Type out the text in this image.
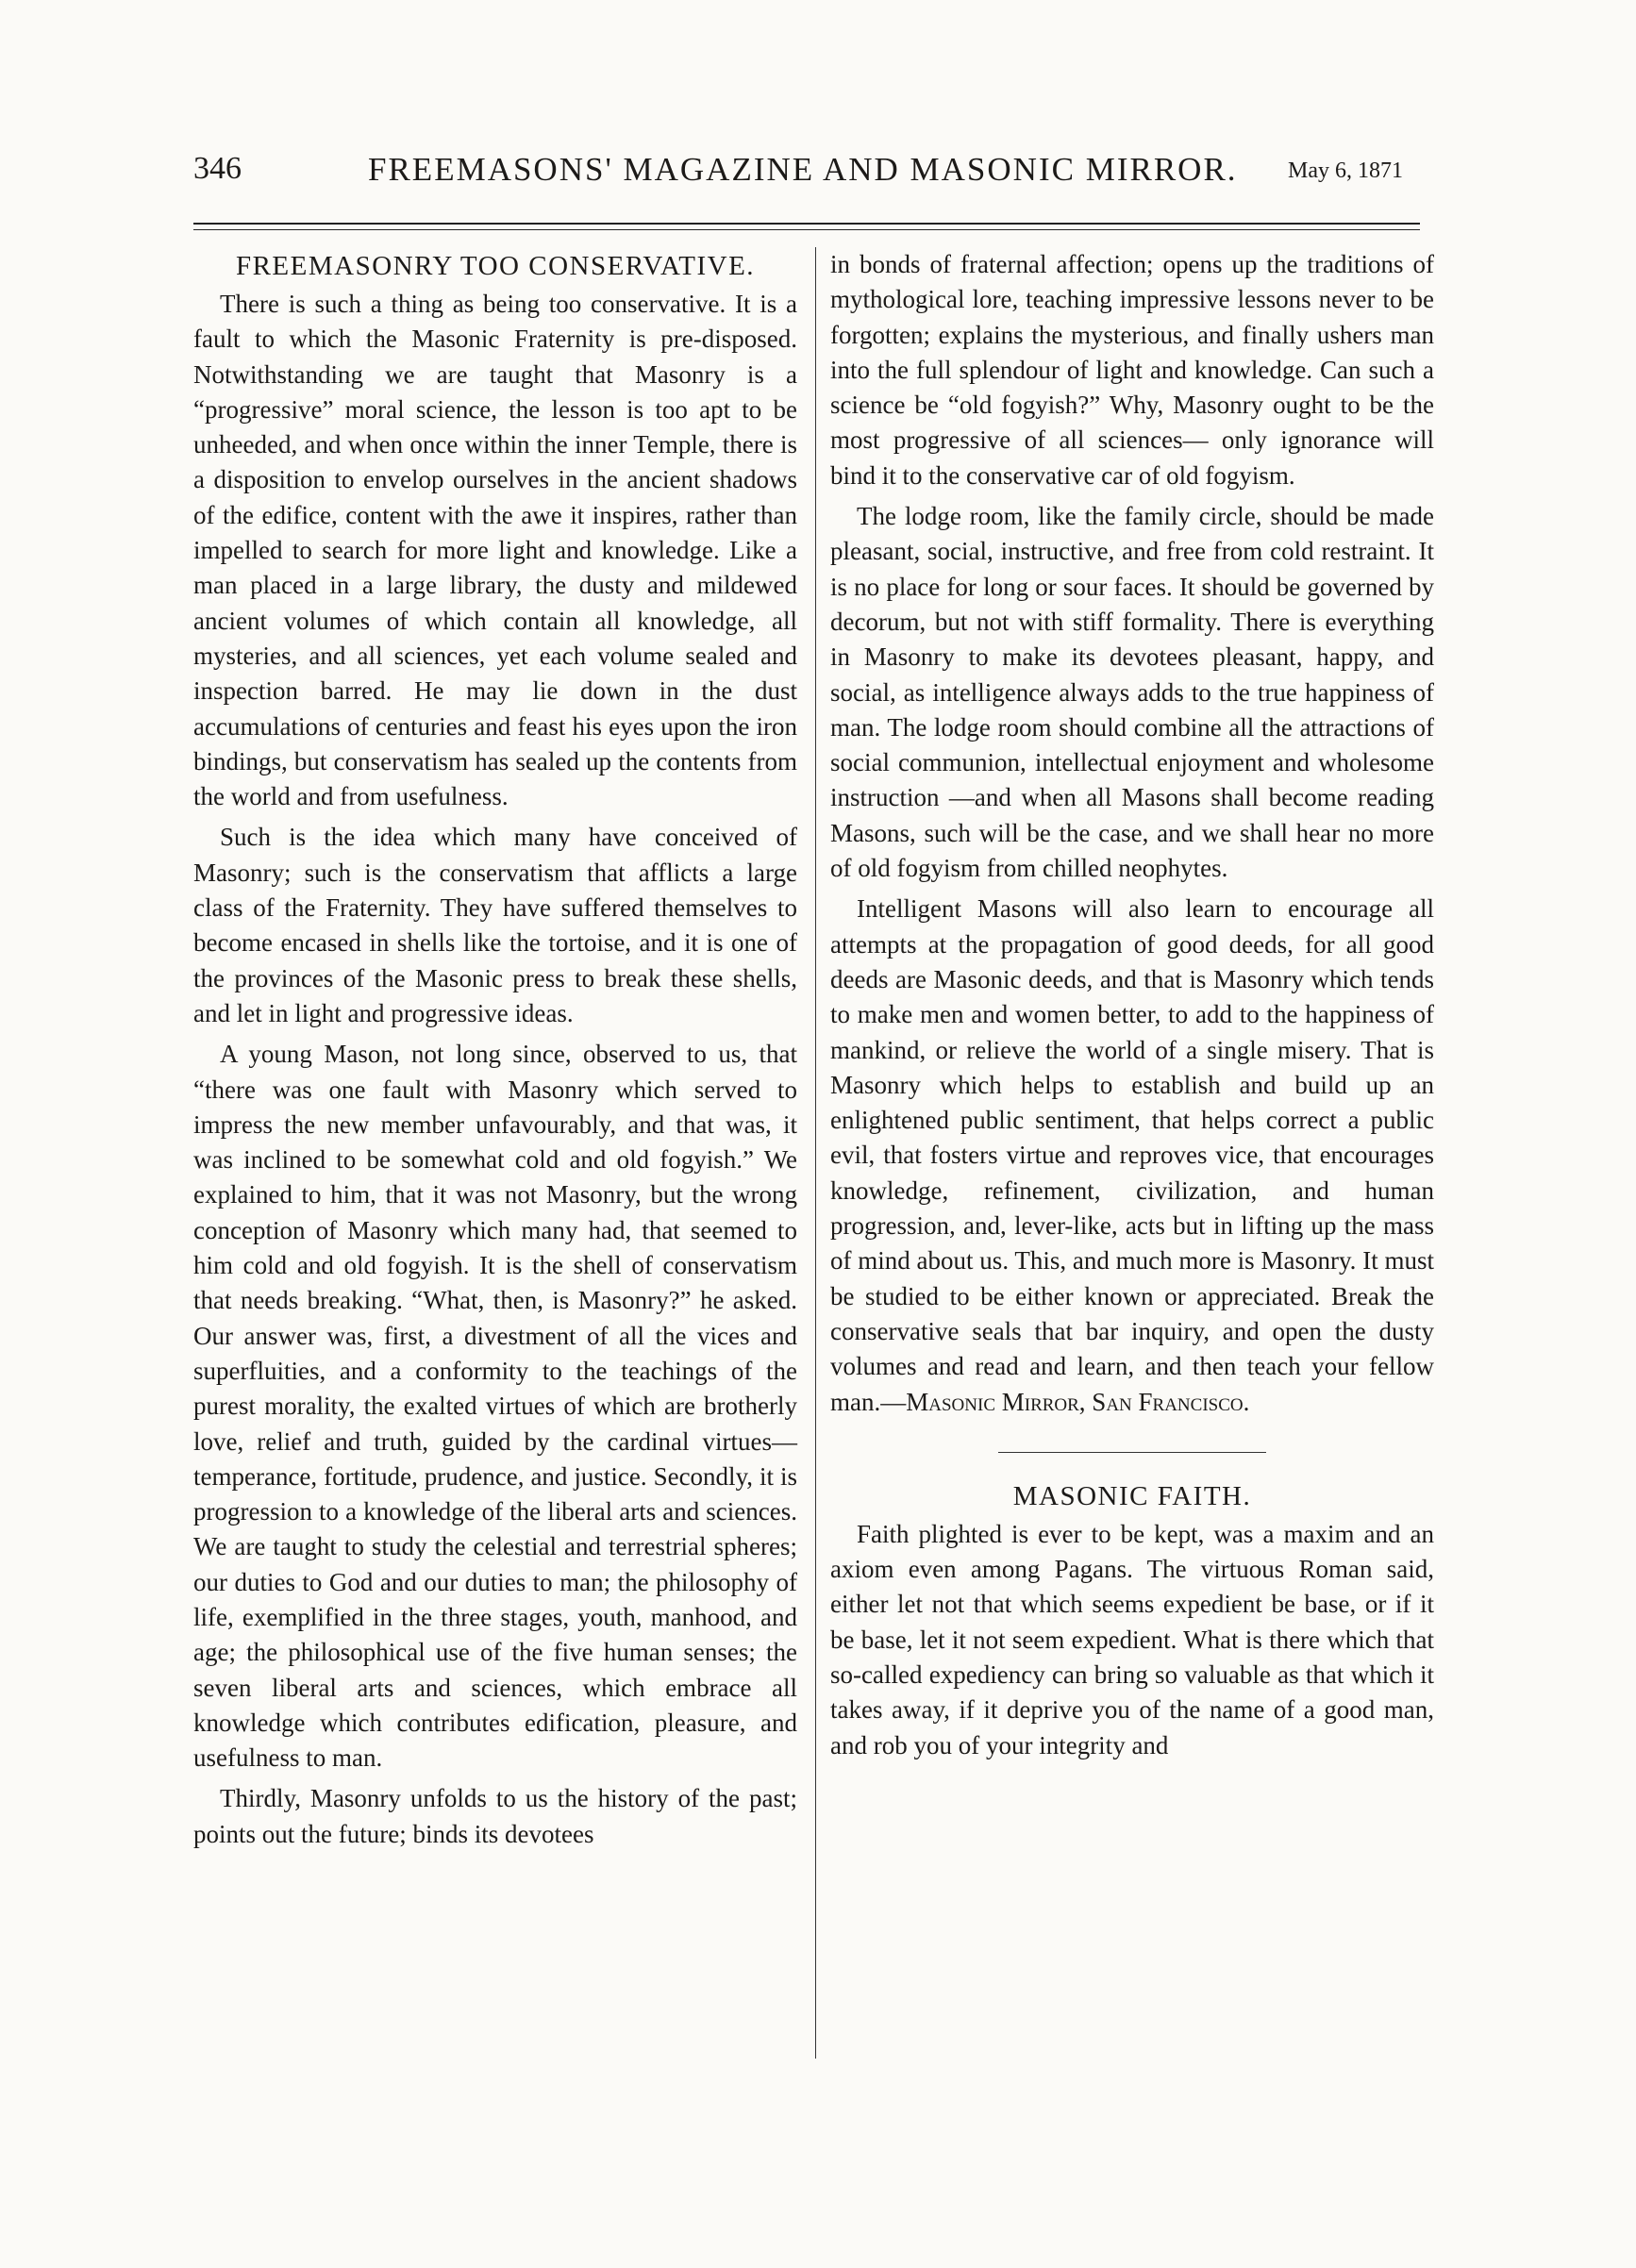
346	FREEMASONS' MAGAZINE AND MASONIC MIRROR. May 6, 1871
FREEMASONRY TOO CONSERVATIVE.

There is such a thing as being too conservative. It is a fault to which the Masonic Fraternity is pre-disposed. Notwithstanding we are taught that Masonry is a “progressive” moral science, the lesson is too apt to be unheeded, and when once within the inner Temple, there is a disposition to envelop ourselves in the ancient shadows of the edifice, content with the awe it inspires, rather than impelled to search for more light and knowledge. Like a man placed in a large library, the dusty and mildewed ancient volumes of which contain all knowledge, all mysteries, and all sciences, yet each volume sealed and inspection barred. He may lie down in the dust accumulations of centuries and feast his eyes upon the iron bindings, but conservatism has sealed up the contents from the world and from usefulness.

Such is the idea which many have conceived of Masonry; such is the conservatism that afflicts a large class of the Fraternity. They have suffered themselves to become encased in shells like the tortoise, and it is one of the provinces of the Masonic press to break these shells, and let in light and progressive ideas.

A young Mason, not long since, observed to us, that “there was one fault with Masonry which served to impress the new member unfavourably, and that was, it was inclined to be somewhat cold and old fogyish.” We explained to him, that it was not Masonry, but the wrong conception of Masonry which many had, that seemed to him cold and old fogyish. It is the shell of conservatism that needs breaking. “What, then, is Masonry?” he asked. Our answer was, first, a divestment of all the vices and superfluities, and a conformity to the teachings of the purest morality, the exalted virtues of which are brotherly love, relief and truth, guided by the cardinal virtues— temperance, fortitude, prudence, and justice. Secondly, it is progression to a knowledge of the liberal arts and sciences. We are taught to study the celestial and terrestrial spheres; our duties to God and our duties to man; the philosophy of life, exemplified in the three stages, youth, manhood, and age; the philosophical use of the five human senses; the seven liberal arts and sciences, which embrace all knowledge which contributes edification, pleasure, and usefulness to man.

Thirdly, Masonry unfolds to us the history of the past; points out the future; binds its devotees

in bonds of fraternal affection; opens up the traditions of mythological lore, teaching impressive lessons never to be forgotten; explains the mysterious, and finally ushers man into the full splendour of light and knowledge. Can such a science be “old fogyish?” Why, Masonry ought to be the most progressive of all sciences— only ignorance will bind it to the conservative car of old fogyism.

The lodge room, like the family circle, should be made pleasant, social, instructive, and free from cold restraint. It is no place for long or sour faces. It should be governed by decorum, but not with stiff formality. There is everything in Masonry to make its devotees pleasant, happy, and social, as intelligence always adds to the true happiness of man. The lodge room should combine all the attractions of social communion, intellectual enjoyment and wholesome instruction —and when all Masons shall become reading Masons, such will be the case, and we shall hear no more of old fogyism from chilled neophytes.

Intelligent Masons will also learn to encourage all attempts at the propagation of good deeds, for all good deeds are Masonic deeds, and that is Masonry which tends to make men and women better, to add to the happiness of mankind, or relieve the world of a single misery. That is Masonry which helps to establish and build up an enlightened public sentiment, that helps correct a public evil, that fosters virtue and reproves vice, that encourages knowledge, refinement, civilization, and human progression, and, lever-like, acts but in lifting up the mass of mind about us. This, and much more is Masonry. It must be studied to be either known or appreciated. Break the conservative seals that bar inquiry, and open the dusty volumes and read and learn, and then teach your fellow man.—Masonic Mirror, San Francisco.

MASONIC FAITH.

Faith plighted is ever to be kept, was a maxim and an axiom even among Pagans. The virtuous Roman said, either let not that which seems expedient be base, or if it be base, let it not seem expedient. What is there which that so-called expediency can bring so valuable as that which it takes away, if it deprive you of the name of a good man, and rob you of your integrity and
